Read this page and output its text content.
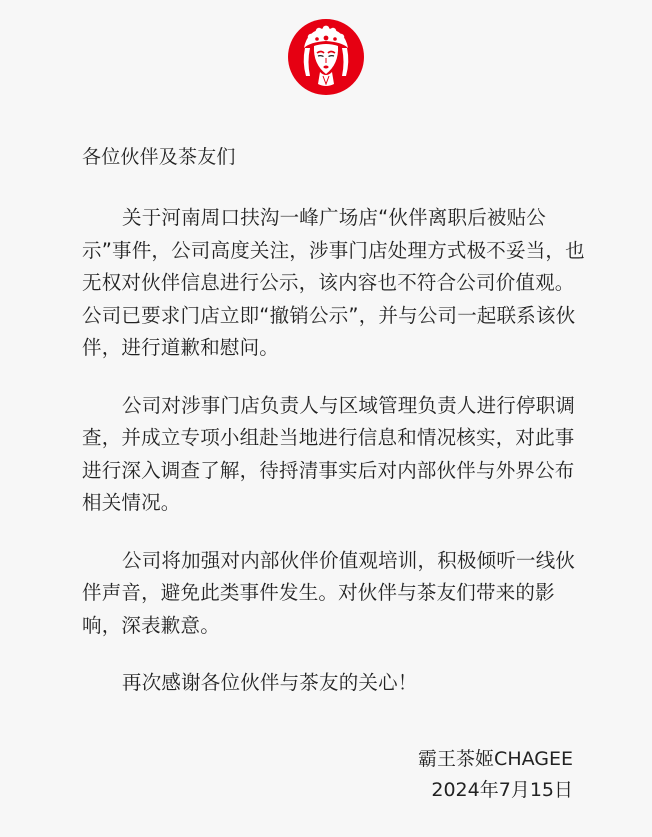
各位伙伴及茶友们

关于河南周口扶沟一峰广场店“伙伴离职后被贴公示”事件，公司高度关注，涉事门店处理方式极不妥当，也无权对伙伴信息进行公示，该内容也不符合公司价值观。公司已要求门店立即“撤销公示”，并与公司一起联系该伙伴，进行道歉和慰问。

公司对涉事门店负责人与区域管理负责人进行停职调查，并成立专项小组赴当地进行信息和情况核实，对此事进行深入调查了解，待捋清事实后对内部伙伴与外界公布相关情况。

公司将加强对内部伙伴价值观培训，积极倾听一线伙伴声音，避免此类事件发生。对伙伴与茶友们带来的影响，深表歉意。

再次感谢各位伙伴与茶友的关心！

霸王茶姬CHAGEE
2024年7月15日
